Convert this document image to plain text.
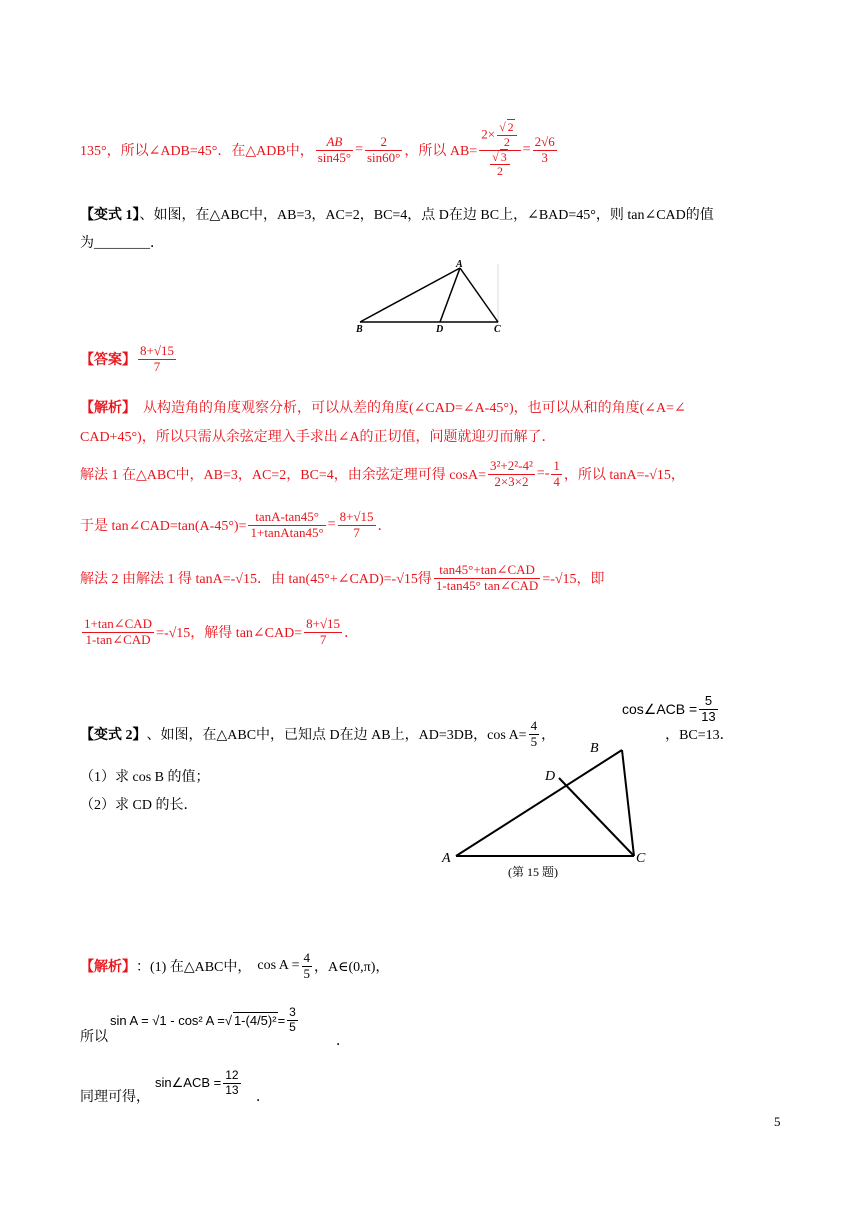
135°，所以∠ADB=45°．在△ADB中， $\frac{AB}{\sin 45^\circ} = \frac{2}{\sin 60^\circ}$ ，所以 $AB= \frac{2\times \frac{√ 2}{2}}{\frac{√ 3}{2}} = \frac{2√6}{3}$
【变式 1】、如图，在△ABC中，AB=3，AC=2，BC=4，点 D在边 BC上，∠BAD=45°，则 tan∠CAD的值
为________．
A
B	D	C
【答案】 $\frac{8+√15}{7}$
【解析】　从构造角的角度观察分析，可以从差的角度(∠CAD=∠A-45°)，也可以从和的角度(∠A=∠
CAD+45°)，所以只需从余弦定理入手求出∠A的正切值，问题就迎刃而解了．
解法 1 在△ABC中，AB=3，AC=2，BC=4，由余弦定理可得 $\cos A= \frac{\text{3²+2²-4²}}{2\times 3\times 2} =- \frac{1}{4}$ ，所以 tanA=-√15，
于是 tan∠CAD=tan(A-45°)= $\frac{\tan A-\tan 45^\circ}{\text{1+tanAtan45°}} = \frac{8+√15}{7}$ ．
解法 2 由解法 1 得 tanA=-√15．由 tan(45°+∠CAD)=-√15得 $\frac{\text{tan45°+tan∠CAD}}{\text{1-tan45° tan∠CAD}} =-√15$，即
$\frac{\text{1+tan∠CAD}}{\text{1-tan∠CAD}} =-√15$，解得 tan∠CAD= $\frac{8+√15}{7}$ ．
cos∠ACB = $\frac{5}{13}$
【变式 2】 、如图，在△ABC中，已知点 D在边 AB上，AD=3DB，$\cos A= \frac{4}{5}$ ，	，BC=13．
（1）求 cos B 的值；
（2）求 CD 的长．
A
B
D
C
(第 15 题)
【解析】 ：(1) 在△ABC中， $\cos A = \frac{4}{5}$ ，A∈(0,π)，
sin A = √1 - cos² A = √ $1-(4/5)^2 = \frac{3}{5}$
所以	．
sin∠ACB = $\frac{12}{13}$
同理可得，	．
5
